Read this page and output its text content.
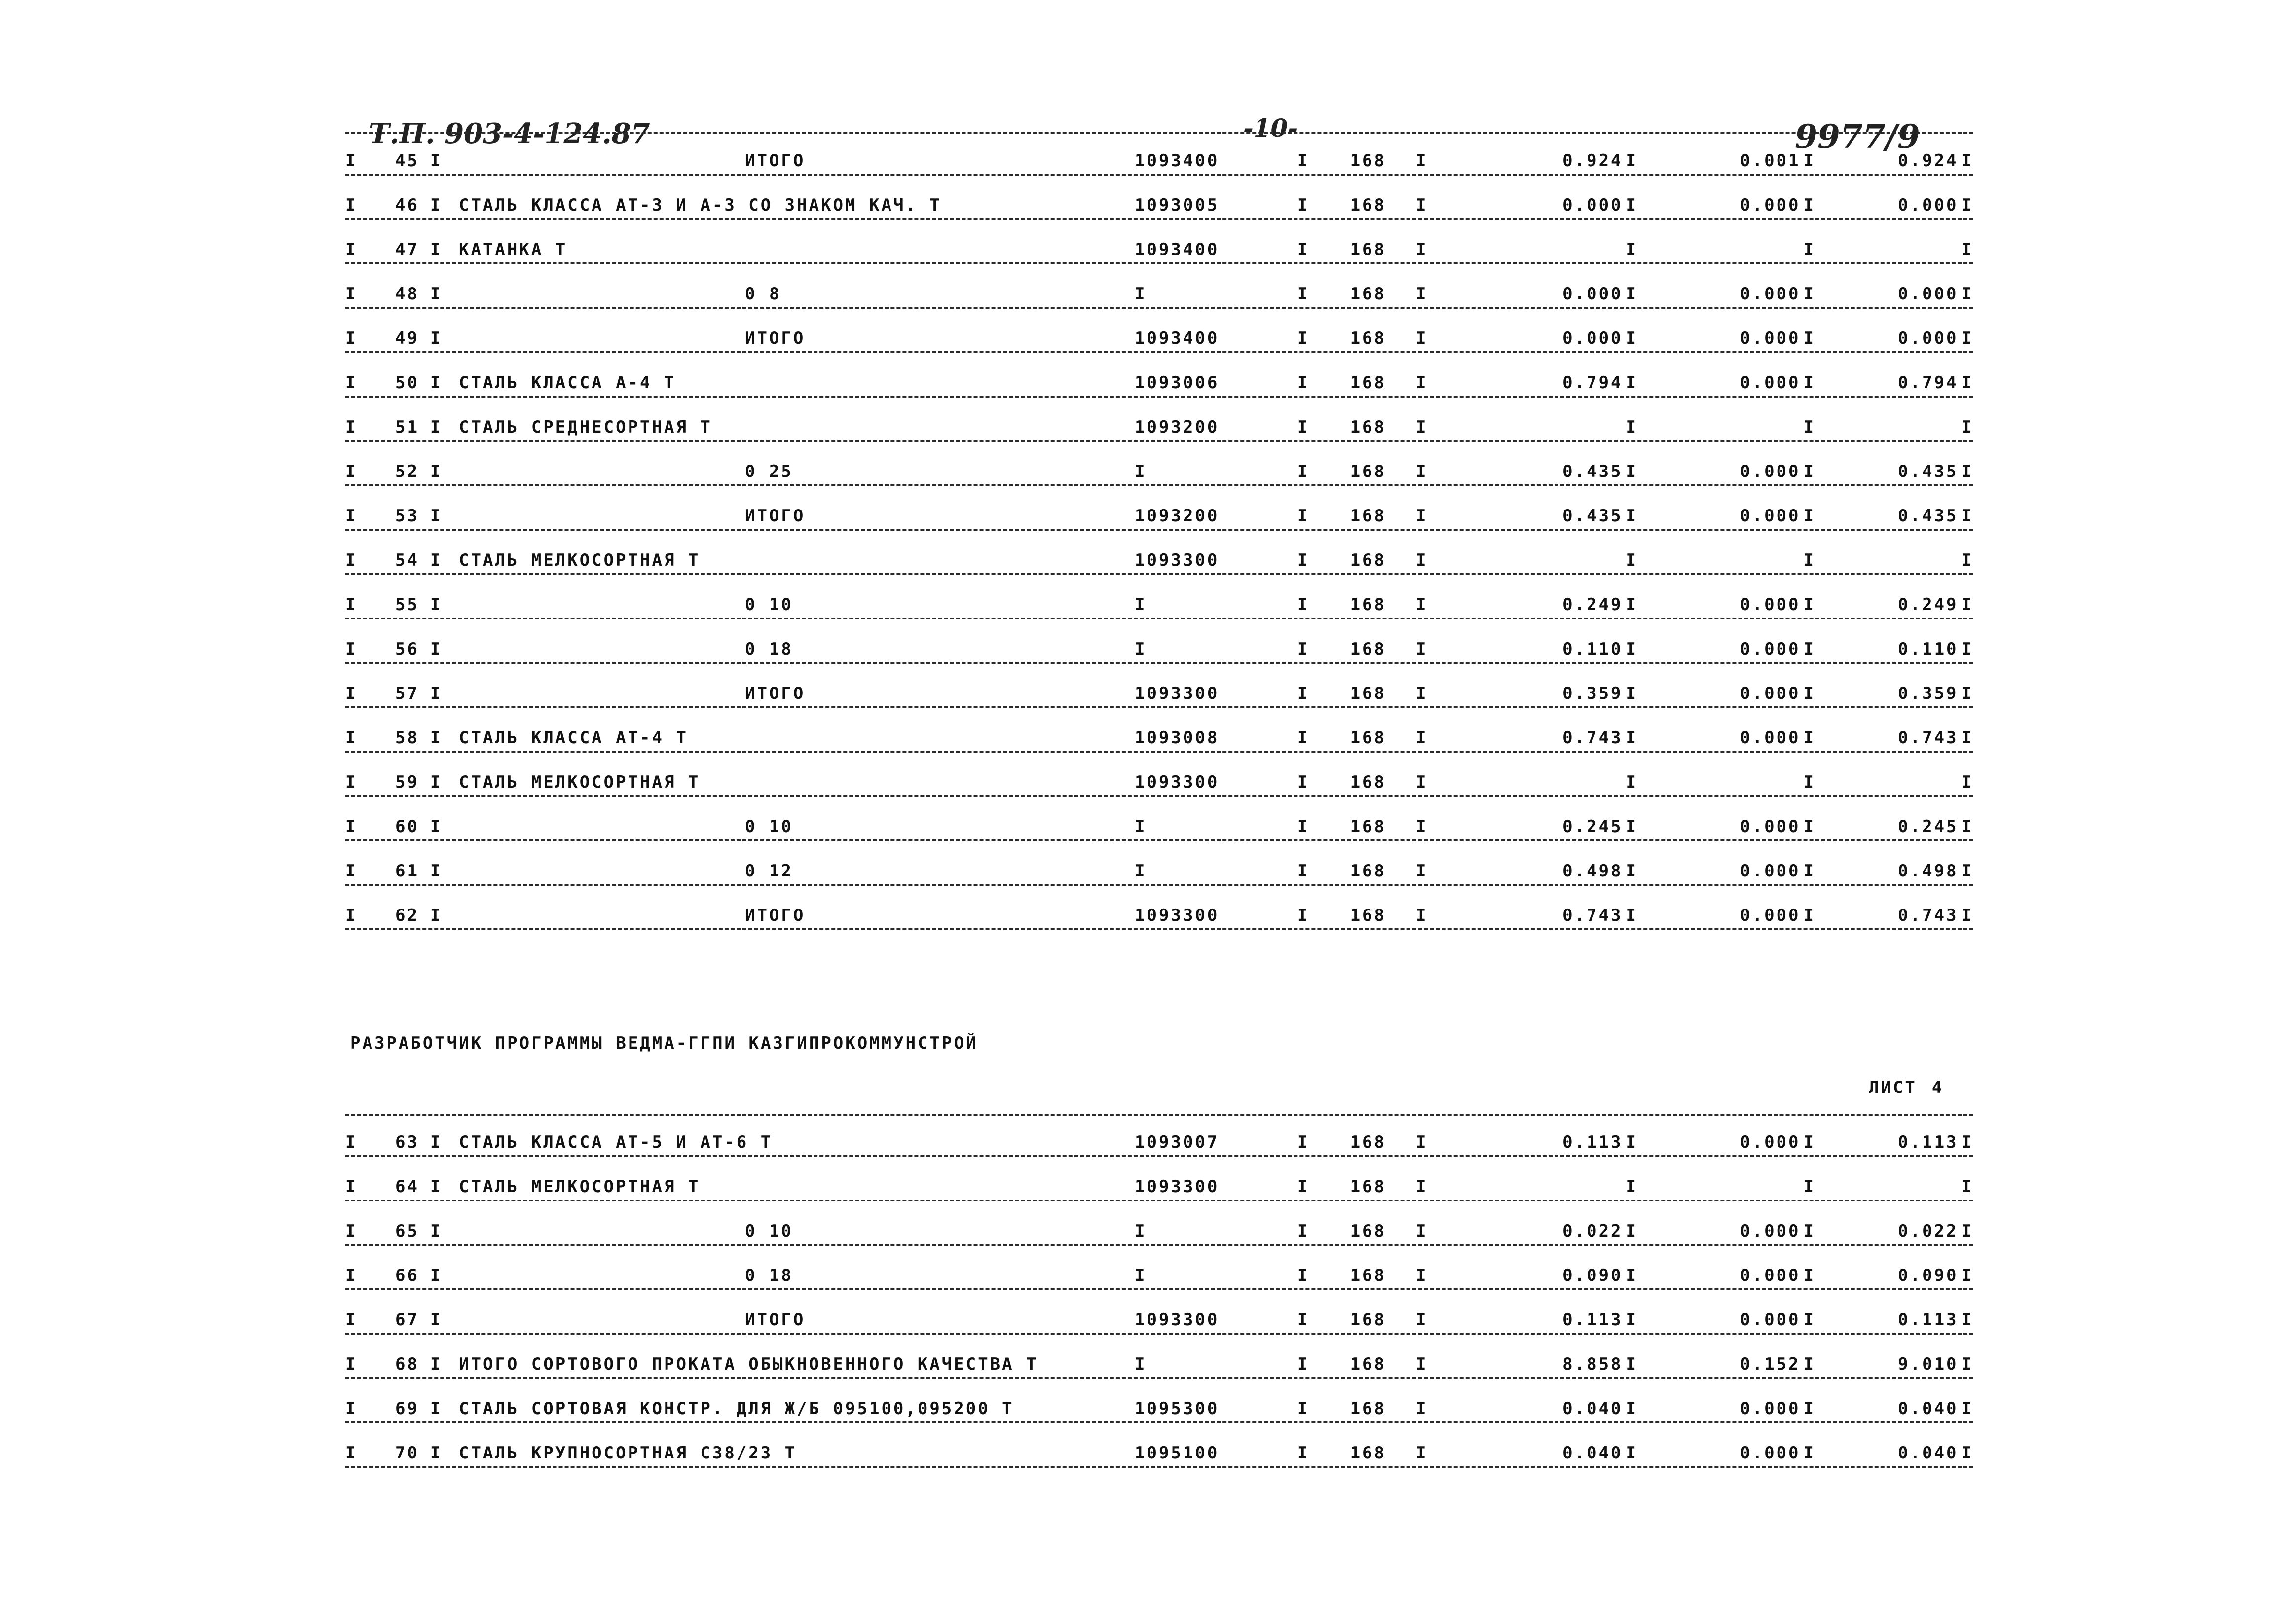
Т.П. 903-4-124.87	-10-	9977/9
I	45 I	ИТОГО	1093400	I	168 I	0.924 I	0.001 I	0.924 I
I	46 I СТАЛЬ КЛАССА АТ-3 И А-3 СО ЗНАКОМ КАЧ. Т	1093005	I	168 I	0.000 I	0.000 I	0.000 I
I	47 I КАТАНКА Т	1093400	I	168 I	I	I	I
I	48 I	0 8	I	I	168 I	0.000 I	0.000 I	0.000 I
I	49 I	ИТОГО	1093400	I	168 I	0.000 I	0.000 I	0.000 I
I	50 I СТАЛЬ КЛАССА А-4 Т	1093006	I	168 I	0.794 I	0.000 I	0.794 I
I	51 I СТАЛЬ СРЕДНЕСОРТНАЯ Т	1093200	I	168 I	I	I	I
I	52 I	0 25	I	I	168 I	0.435 I	0.000 I	0.435 I
I	53 I	ИТОГО	1093200	I	168 I	0.435 I	0.000 I	0.435 I
I	54 I СТАЛЬ МЕЛКОСОРТНАЯ Т	1093300	I	168 I	I	I	I
I	55 I	0 10	I	I	168 I	0.249 I	0.000 I	0.249 I
I	56 I	0 18	I	I	168 I	0.110 I	0.000 I	0.110 I
I	57 I	ИТОГО	1093300	I	168 I	0.359 I	0.000 I	0.359 I
I	58 I СТАЛЬ КЛАССА АТ-4 Т	1093008	I	168 I	0.743 I	0.000 I	0.743 I
I	59 I СТАЛЬ МЕЛКОСОРТНАЯ Т	1093300	I	168 I	I	I	I
I	60 I	0 10	I	I	168 I	0.245 I	0.000 I	0.245 I
I	61 I	0 12	I	I	168 I	0.498 I	0.000 I	0.498 I
I	62 I	ИТОГО	1093300	I	168 I	0.743 I	0.000 I	0.743 I
РАЗРАБОТЧИК ПРОГРАММЫ ВЕДМА-ГГПИ КАЗГИПРОКОММУНСТРОЙ
ЛИСТ 4
I	63 I СТАЛЬ КЛАССА АТ-5 И АТ-6 Т	1093007	I	168 I	0.113 I	0.000 I	0.113 I
I	64 I СТАЛЬ МЕЛКОСОРТНАЯ Т	1093300	I	168 I	I	I	I
I	65 I	0 10	I	I	168 I	0.022 I	0.000 I	0.022 I
I	66 I	0 18	I	I	168 I	0.090 I	0.000 I	0.090 I
I	67 I	ИТОГО	1093300	I	168 I	0.113 I	0.000 I	0.113 I
I	68 I ИТОГО СОРТОВОГО ПРОКАТА ОБЫКНОВЕННОГО КАЧЕСТВА Т	I	I	168 I	8.858 I	0.152 I	9.010 I
I	69 I СТАЛЬ СОРТОВАЯ КОНСТР. ДЛЯ Ж/Б 095100,095200 Т	1095300	I	168 I	0.040 I	0.000 I	0.040 I
I	70 I СТАЛЬ КРУПНОСОРТНАЯ С38/23 Т	1095100	I	168 I	0.040 I	0.000 I	0.040 I
